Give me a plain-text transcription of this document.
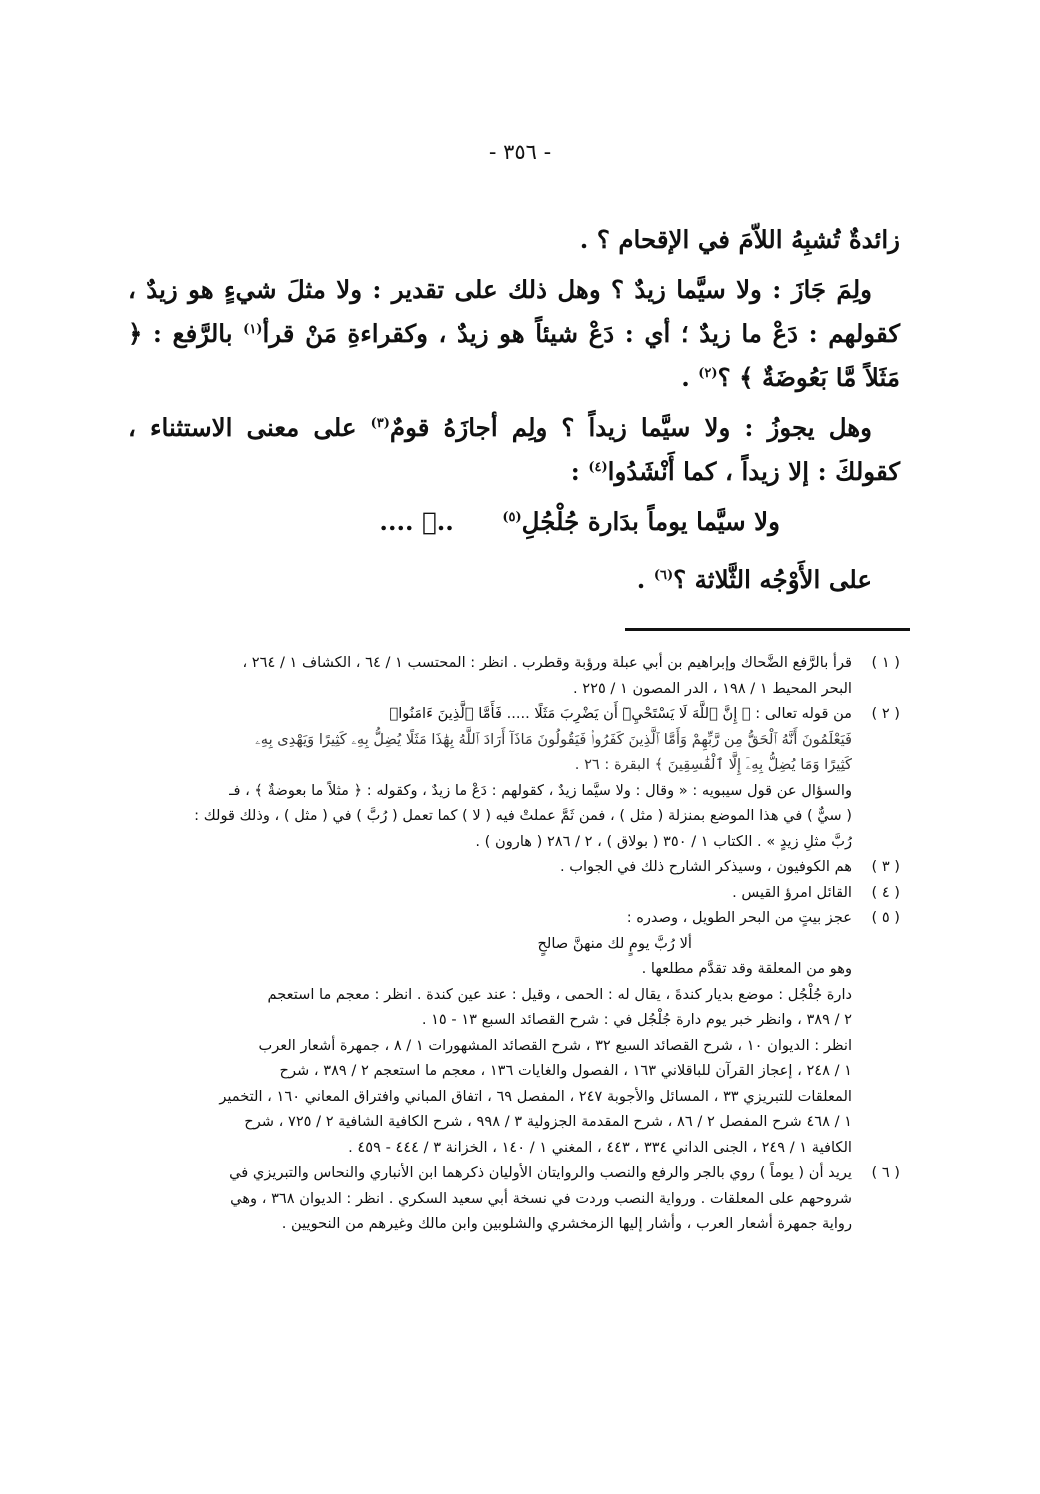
- ٣٥٦ -

زائدةٌ تُشبِهُ اللاّمَ في الإقحام ؟ .

ولِمَ جَازَ : ولا سيَّما زيدٌ ؟ وهل ذلك على تقدير : ولا مثلَ شيءٍ هو زيدٌ ، كقولهم : دَعْ ما زيدٌ ؛ أي : دَعْ شيئاً هو زيدٌ ، وكقراءةِ مَنْ قرأ$^{(١)}$ بالرَّفع : ﴿ مَثَلاً مَّا بَعُوضَةٌ ﴾ ؟$^{(٢)}$ .

وهل يجوزُ : ولا سيَّما زيداً ؟ ولِم أجازَهُ قومٌ$^{(٣)}$ على معنى الاستثناء ، كقولكَ : إلا زيداً ، كما أَنْشَدُوا$^{(٤)}$ :

ولا سيَّما يوماً بدَارة جُلْجُلِ$^{(٥)}$ .... .ٓ.

على الأَوْجُه الثَّلاثة ؟$^{(٦)}$ .

( ١ )
قرأ بالرَّفع الضَّحاك وإبراهيم بن أبي عبلة ورؤبة وقطرب . انظر : المحتسب ١ / ٦٤ ، الكشاف ١ / ٢٦٤ ،
البحر المحيط ١ / ١٩٨ ، الدر المصون ١ / ٢٢٥ .
( ٢ )
من قوله تعالى : ﴿ إِنَّ ٱللَّهَ لَا يَسْتَحْيِۦٓ أَن يَضْرِبَ مَثَلًا ..... فَأَمَّا ٱلَّذِينَ ءَامَنُوا۟
فَيَعْلَمُونَ أَنَّهُ ٱلْحَقُّ مِن رَّبِّهِمْ وَأَمَّا ٱلَّذِينَ كَفَرُوا۟ فَيَقُولُونَ مَاذَآ أَرَادَ ٱللَّهُ بِهَٰذَا مَثَلًا يُضِلُّ بِهِۦ كَثِيرًا وَيَهْدِى بِهِۦ
كَثِيرًا وَمَا يُضِلُّ بِهِۦٓ إِلَّا ٱلْفَٰسِقِينَ ﴾ البقرة : ٢٦ .
والسؤال عن قول سيبويه : « وقال : ولا سيَّما زيدٌ ، كقولهم : دَعْ ما زيدٌ ، وكقوله : ﴿ مثلاً ما بعوضةٌ ﴾ ، فـ
( سيٌّ ) في هذا الموضع بمنزلة ( مثل ) ، فمن ثَمَّ عملتْ فيه ( لا ) كما تعمل ( رُبَّ ) في ( مثل ) ، وذلك قولك :
رُبَّ مثلِ زيدٍ » . الكتاب ١ / ٣٥٠ ( بولاق ) ، ٢ / ٢٨٦ ( هارون ) .
( ٣ )
هم الكوفيون ، وسيذكر الشارح ذلك في الجواب .
( ٤ )
القائل امرؤ القيس .
( ٥ )
عجز بيتٍ من البحر الطويل ، وصدره :
ألا رُبَّ يومٍ لك منهنَّ صالحٍ
وهو من المعلقة وقد تقدَّم مطلعها .
دارة جُلْجُل : موضع بديار كندةَ ، يقال له : الحمى ، وقيل : عند عين كندة . انظر : معجم ما استعجم
٢ / ٣٨٩ ، وانظر خبر يوم دارة جُلْجُل في : شرح القصائد السبع ١٣ - ١٥ .
انظر : الديوان ١٠ ، شرح القصائد السبع ٣٢ ، شرح القصائد المشهورات ١ / ٨ ، جمهرة أشعار العرب
١ / ٢٤٨ ، إعجاز القرآن للباقلاني ١٦٣ ، الفصول والغايات ١٣٦ ، معجم ما استعجم ٢ / ٣٨٩ ، شرح
المعلقات للتبريزي ٣٣ ، المسائل والأجوبة ٢٤٧ ، المفصل ٦٩ ، اتفاق المباني وافتراق المعاني ١٦٠ ، التخمير
١ / ٤٦٨ شرح المفصل ٢ / ٨٦ ، شرح المقدمة الجزولية ٣ / ٩٩٨ ، شرح الكافية الشافية ٢ / ٧٢٥ ، شرح
الكافية ١ / ٢٤٩ ، الجنى الداني ٣٣٤ ، ٤٤٣ ، المغني ١ / ١٤٠ ، الخزانة ٣ / ٤٤٤ - ٤٥٩ .
( ٦ )
يريد أن ( يوماً ) روي بالجر والرفع والنصب والروايتان الأوليان ذكرهما ابن الأنباري والنحاس والتبريزي في
شروحهم على المعلقات . ورواية النصب وردت في نسخة أبي سعيد السكري . انظر : الديوان ٣٦٨ ، وهي
رواية جمهرة أشعار العرب ، وأشار إليها الزمخشري والشلوبين وابن مالك وغيرهم من النحويين .
